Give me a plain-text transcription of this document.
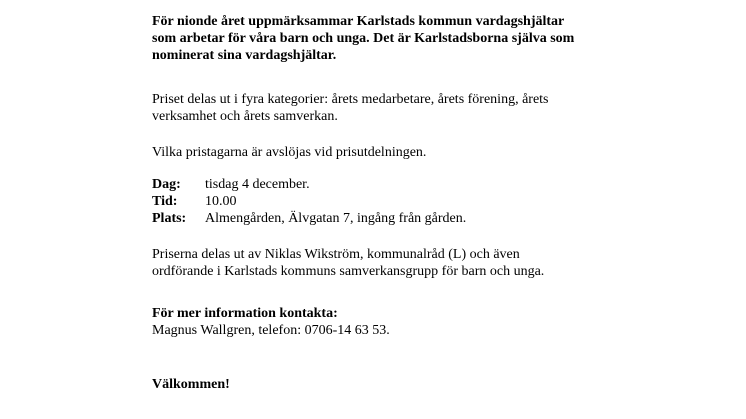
För nionde året uppmärksammar Karlstads kommun vardagshjältar

som arbetar för våra barn och unga. Det är Karlstadsborna själva som

nominerat sina vardagshjältar.

Priset delas ut i fyra kategorier: årets medarbetare, årets förening, årets

verksamhet och årets samverkan.

Vilka pristagarna är avslöjas vid prisutdelningen.

Dag: tisdag 4 december.
Tid: 10.00
Plats: Almengården, Älvgatan 7, ingång från gården.

Priserna delas ut av Niklas Wikström, kommunalråd (L) och även

ordförande i Karlstads kommuns samverkansgrupp för barn och unga.

För mer information kontakta:

Magnus Wallgren, telefon: 0706-14 63 53.

Välkommen!
